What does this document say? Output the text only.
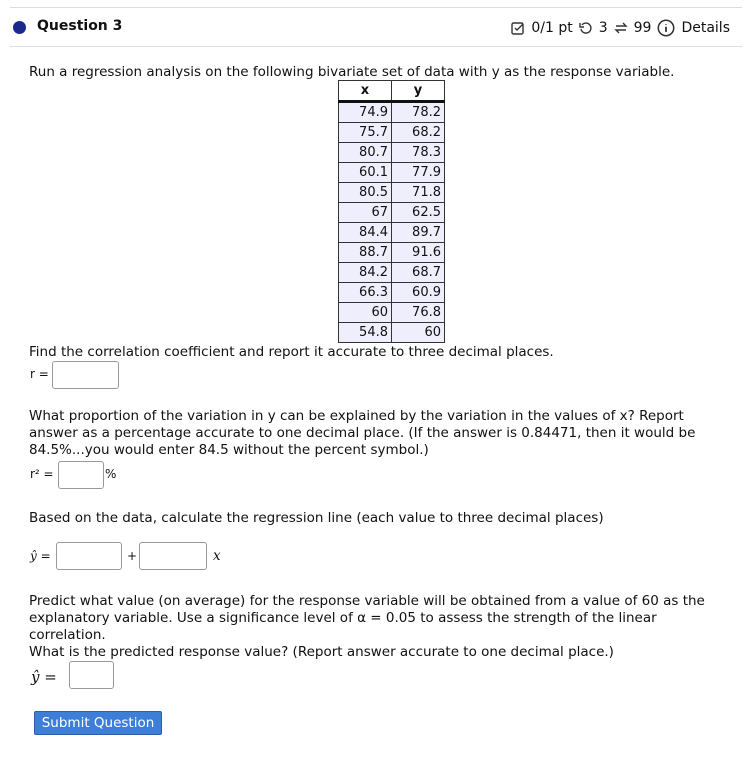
Question 3	0/1 pt 3 99 Details

Run a regression analysis on the following bivariate set of data with y as the response variable.

x	y
74.9	78.2
75.7	68.2
80.7	78.3
60.1	77.9
80.5	71.8
67	62.5
84.4	89.7
88.7	91.6
84.2	68.7
66.3	60.9
60	76.8
54.8	60

Find the correlation coefficient and report it accurate to three decimal places.

r =

What proportion of the variation in y can be explained by the variation in the values of x? Report answer as a percentage accurate to one decimal place. (If the answer is 0.84471, then it would be 84.5%...you would enter 84.5 without the percent symbol.)

r² =	%

Based on the data, calculate the regression line (each value to three decimal places)

ŷ =	+	x

Predict what value (on average) for the response variable will be obtained from a value of 60 as the explanatory variable. Use a significance level of α = 0.05 to assess the strength of the linear correlation.

What is the predicted response value? (Report answer accurate to one decimal place.)

ŷ =
Submit Question
